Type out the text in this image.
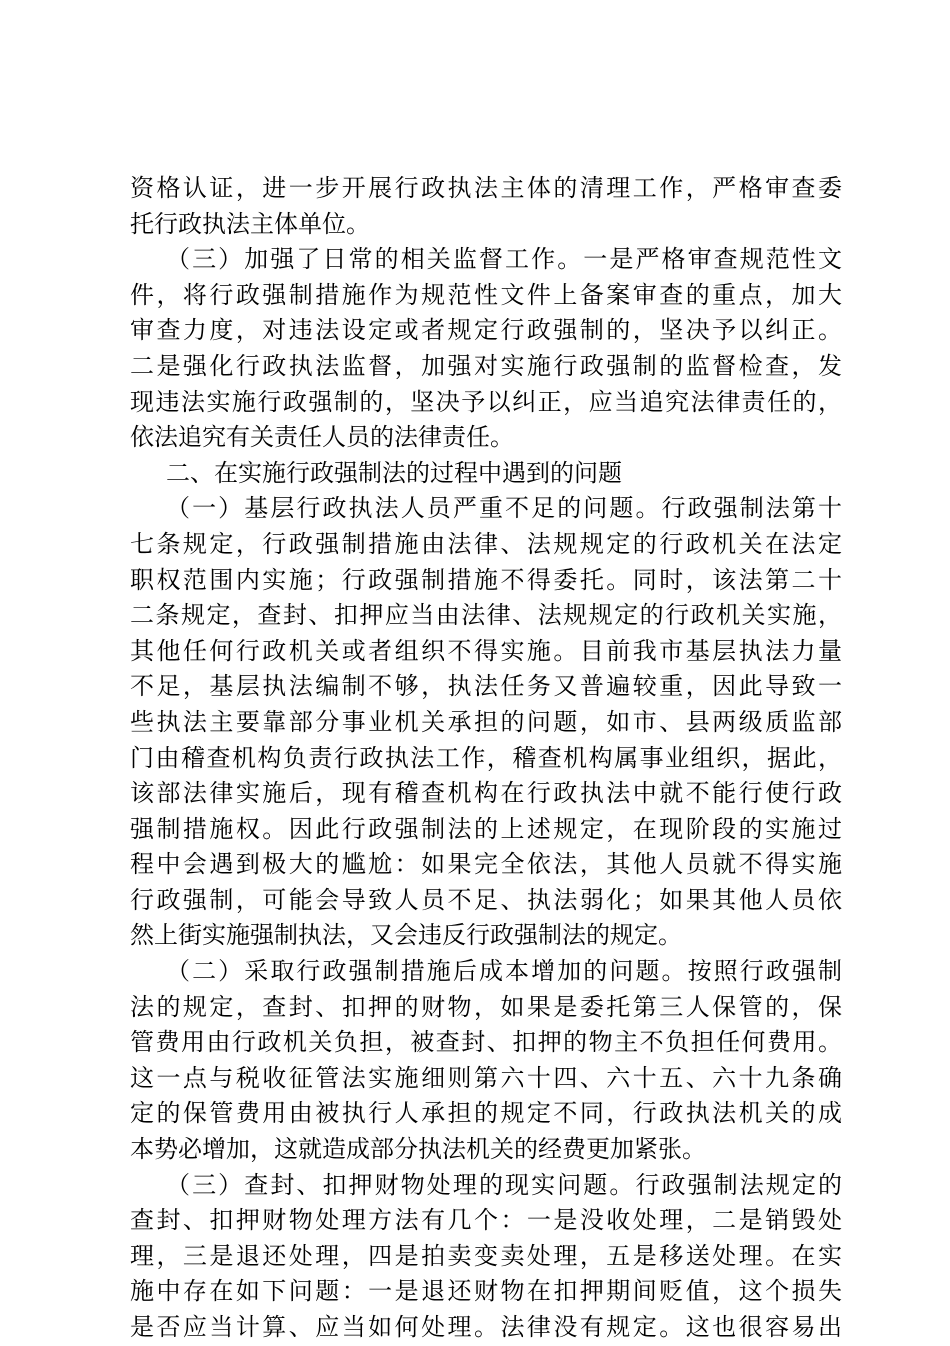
资格认证，进一步开展行政执法主体的清理工作，严格审查委
托行政执法主体单位。
（三）加强了日常的相关监督工作。一是严格审查规范性文
件，将行政强制措施作为规范性文件上备案审查的重点，加大
审查力度，对违法设定或者规定行政强制的，坚决予以纠正。
二是强化行政执法监督，加强对实施行政强制的监督检查，发
现违法实施行政强制的，坚决予以纠正，应当追究法律责任的，
依法追究有关责任人员的法律责任。
二、在实施行政强制法的过程中遇到的问题
（一）基层行政执法人员严重不足的问题。行政强制法第十
七条规定，行政强制措施由法律、法规规定的行政机关在法定
职权范围内实施；行政强制措施不得委托。同时，该法第二十
二条规定，查封、扣押应当由法律、法规规定的行政机关实施，
其他任何行政机关或者组织不得实施。目前我市基层执法力量
不足，基层执法编制不够，执法任务又普遍较重，因此导致一
些执法主要靠部分事业机关承担的问题，如市、县两级质监部
门由稽查机构负责行政执法工作，稽查机构属事业组织，据此，
该部法律实施后，现有稽查机构在行政执法中就不能行使行政
强制措施权。因此行政强制法的上述规定，在现阶段的实施过
程中会遇到极大的尴尬：如果完全依法，其他人员就不得实施
行政强制，可能会导致人员不足、执法弱化；如果其他人员依
然上街实施强制执法，又会违反行政强制法的规定。
（二）采取行政强制措施后成本增加的问题。按照行政强制
法的规定，查封、扣押的财物，如果是委托第三人保管的，保
管费用由行政机关负担，被查封、扣押的物主不负担任何费用。
这一点与税收征管法实施细则第六十四、六十五、六十九条确
定的保管费用由被执行人承担的规定不同，行政执法机关的成
本势必增加，这就造成部分执法机关的经费更加紧张。
（三）查封、扣押财物处理的现实问题。行政强制法规定的
查封、扣押财物处理方法有几个：一是没收处理，二是销毁处
理，三是退还处理，四是拍卖变卖处理，五是移送处理。在实
施中存在如下问题：一是退还财物在扣押期间贬值，这个损失
是否应当计算、应当如何处理。法律没有规定。这也很容易出
